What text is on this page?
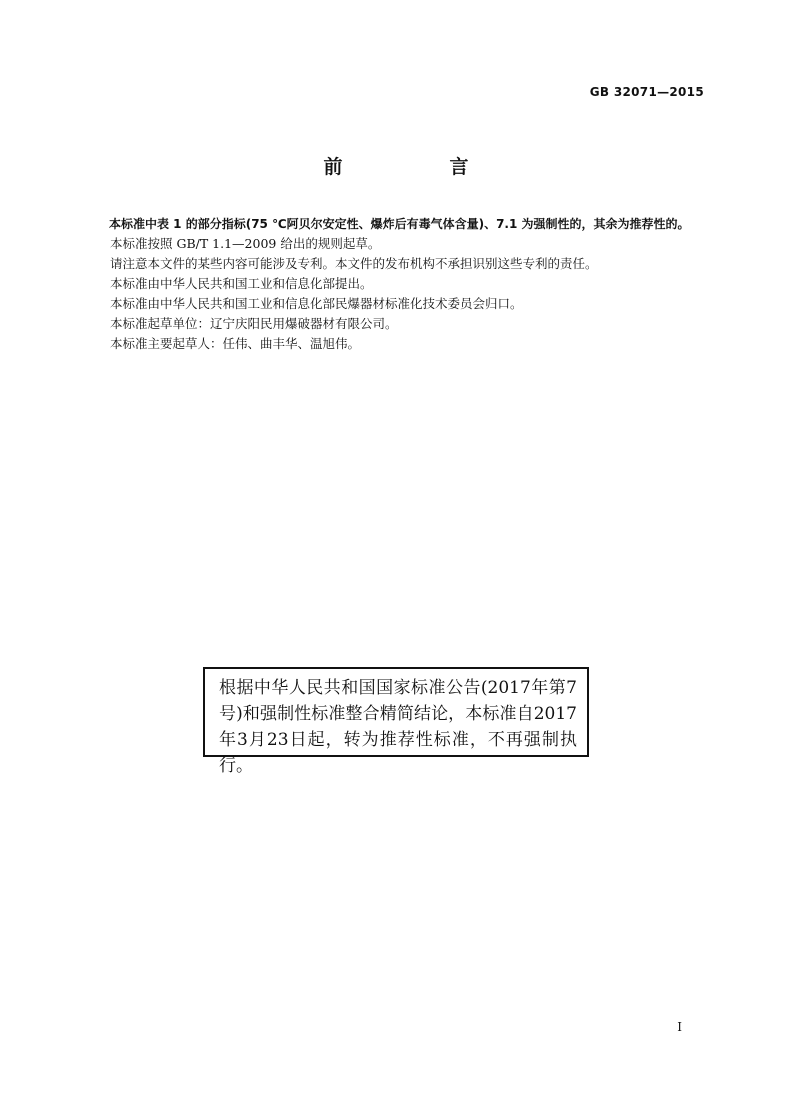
GB 32071—2015
前　言

本标准中表 1 的部分指标(75 ℃阿贝尔安定性、爆炸后有毒气体含量)、7.1 为强制性的，其余为推荐性的。

本标准按照 GB/T 1.1—2009 给出的规则起草。

请注意本文件的某些内容可能涉及专利。本文件的发布机构不承担识别这些专利的责任。

本标准由中华人民共和国工业和信息化部提出。

本标准由中华人民共和国工业和信息化部民爆器材标准化技术委员会归口。

本标准起草单位：辽宁庆阳民用爆破器材有限公司。

本标准主要起草人：任伟、曲丰华、温旭伟。

根据中华人民共和国国家标准公告(2017年第7号)和强制性标准整合精简结论，本标准自2017年3月23日起，转为推荐性标准，不再强制执行。
I
